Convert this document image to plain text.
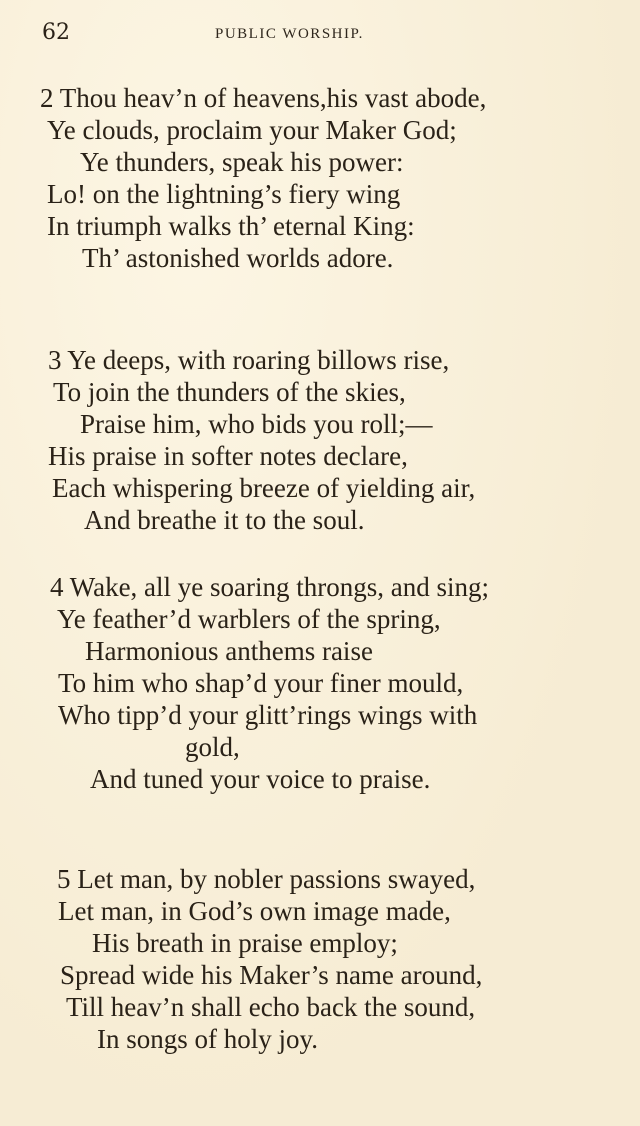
62	PUBLIC WORSHIP.
2 Thou heav’n of heavens,his vast abode,
Ye clouds, proclaim your Maker God;
Ye thunders, speak his power:
Lo! on the lightning’s fiery wing
In triumph walks th’ eternal King:
Th’ astonished worlds adore.
3 Ye deeps, with roaring billows rise,
To join the thunders of the skies,
Praise him, who bids you roll;—
His praise in softer notes declare,
Each whispering breeze of yielding air,
And breathe it to the soul.
4 Wake, all ye soaring throngs, and sing;
Ye feather’d warblers of the spring,
Harmonious anthems raise
To him who shap’d your finer mould,
Who tipp’d your glitt’rings wings with
gold,
And tuned your voice to praise.
5 Let man, by nobler passions swayed,
Let man, in God’s own image made,
His breath in praise employ;
Spread wide his Maker’s name around,
Till heav’n shall echo back the sound,
In songs of holy joy.
